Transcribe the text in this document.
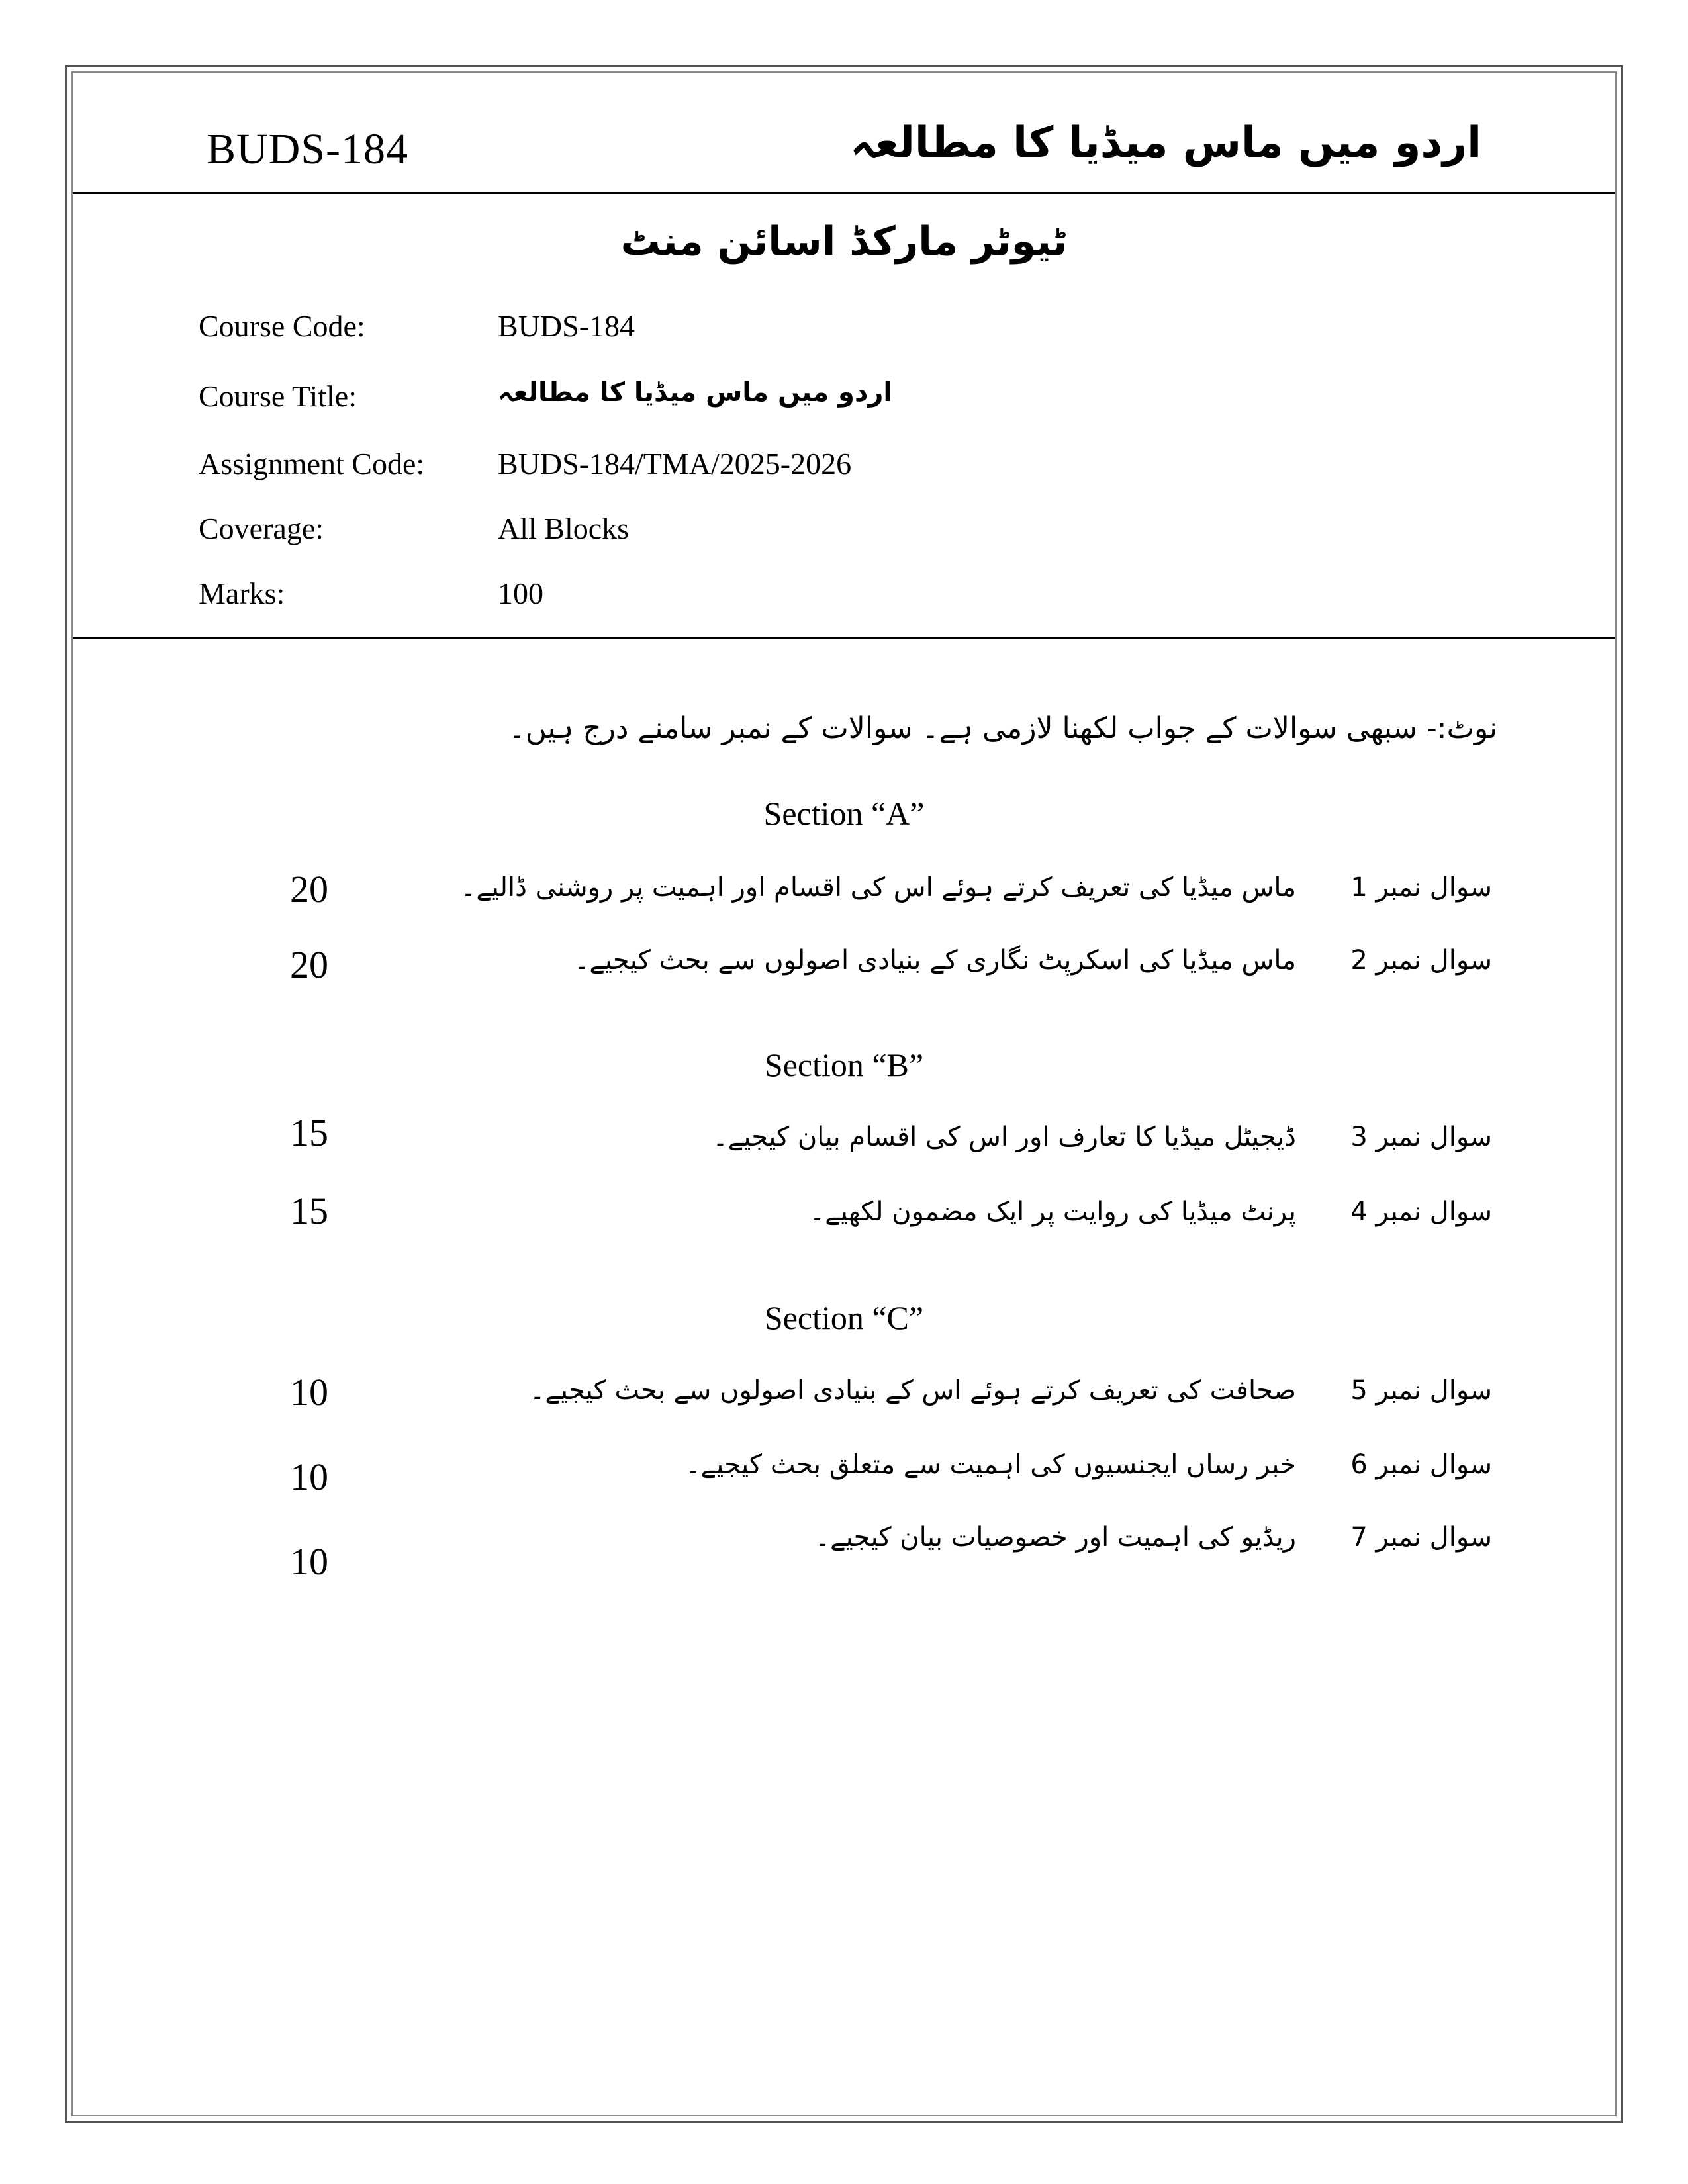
BUDS-184	اردو میں ماس میڈیا کا مطالعہ
ٹیوٹر مارکڈ اسائن منٹ
Course Code:	BUDS-184
Course Title:	اردو میں ماس میڈیا کا مطالعہ
Assignment Code: BUDS-184/TMA/2025-2026
Coverage:	All Blocks
Marks:	100
نوٹ:- سبھی سوالات کے جواب لکھنا لازمی ہے۔ سوالات کے نمبر سامنے درج ہیں۔
Section “A”
سوال نمبر 1
ماس میڈیا کی تعریف کرتے ہوئے اس کی اقسام اور اہمیت پر روشنی ڈالیے۔
20
سوال نمبر 2
ماس میڈیا کی اسکرپٹ نگاری کے بنیادی اصولوں سے بحث کیجیے۔
20
Section “B”
سوال نمبر 3
ڈیجیٹل میڈیا کا تعارف اور اس کی اقسام بیان کیجیے۔
15
سوال نمبر 4
پرنٹ میڈیا کی روایت پر ایک مضمون لکھیے۔
15
Section “C”
سوال نمبر 5
صحافت کی تعریف کرتے ہوئے اس کے بنیادی اصولوں سے بحث کیجیے۔
10
سوال نمبر 6
خبر رساں ایجنسیوں کی اہمیت سے متعلق بحث کیجیے۔
10
سوال نمبر 7
ریڈیو کی اہمیت اور خصوصیات بیان کیجیے۔
10
